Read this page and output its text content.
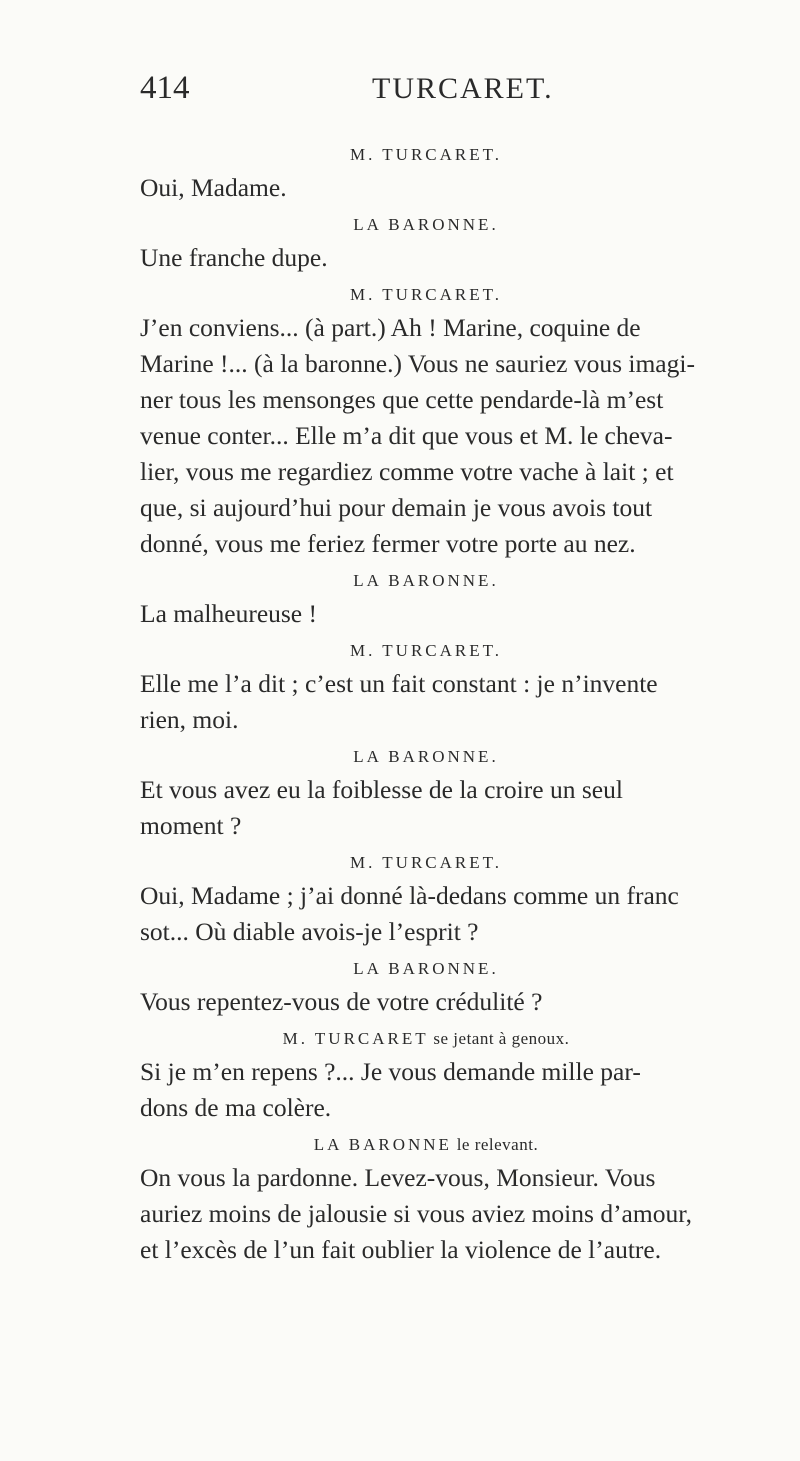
414	TURCARET.
M. TURCARET.
Oui, Madame.
LA BARONNE.
Une franche dupe.
M. TURCARET.
J’en conviens... (à part.) Ah ! Marine, coquine de
Marine !... (à la baronne.) Vous ne sauriez vous imagi-
ner tous les mensonges que cette pendarde-là m’est
venue conter... Elle m’a dit que vous et M. le cheva-
lier, vous me regardiez comme votre vache à lait ; et
que, si aujourd’hui pour demain je vous avois tout
donné, vous me feriez fermer votre porte au nez.
LA BARONNE.
La malheureuse !
M. TURCARET.
Elle me l’a dit ; c’est un fait constant : je n’invente
rien, moi.
LA BARONNE.
Et vous avez eu la foiblesse de la croire un seul
moment ?
M. TURCARET.
Oui, Madame ; j’ai donné là-dedans comme un franc
sot... Où diable avois-je l’esprit ?
LA BARONNE.
Vous repentez-vous de votre crédulité ?
M. TURCARET se jetant à genoux.
Si je m’en repens ?... Je vous demande mille par-
dons de ma colère.
LA BARONNE le relevant.
On vous la pardonne. Levez-vous, Monsieur. Vous
auriez moins de jalousie si vous aviez moins d’amour,
et l’excès de l’un fait oublier la violence de l’autre.
